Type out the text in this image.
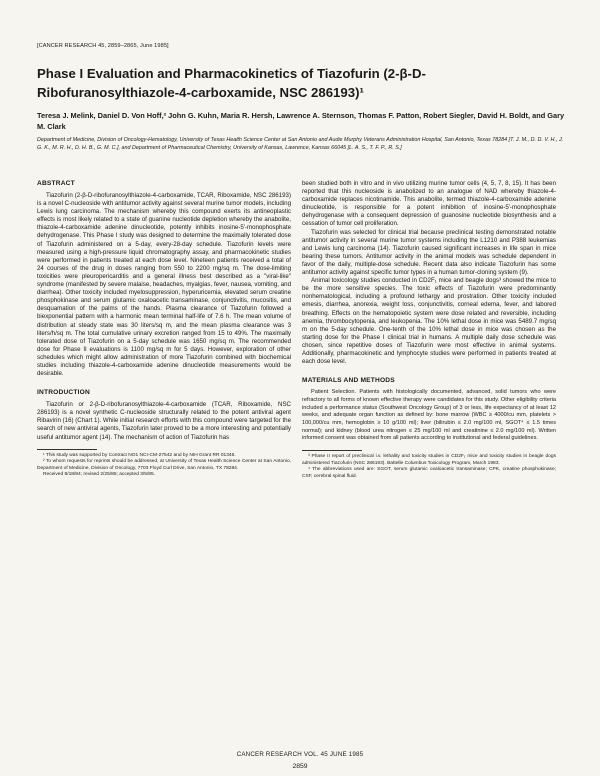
[CANCER RESEARCH 45, 2859–2865, June 1985]
Phase I Evaluation and Pharmacokinetics of Tiazofurin (2-β-D-Ribofuranosylthiazole-4-carboxamide, NSC 286193)¹
Teresa J. Melink, Daniel D. Von Hoff,² John G. Kuhn, Maria R. Hersh, Lawrence A. Sternson, Thomas F. Patton, Robert Siegler, David H. Boldt, and Gary M. Clark
Department of Medicine, Division of Oncology-Hematology, University of Texas Health Science Center at San Antonio and Audie Murphy Veterans Administration Hospital, San Antonio, Texas 78284 [T. J. M., D. D. V. H., J. G. K., M. R. H., D. H. B., G. M. C.], and Department of Pharmaceutical Chemistry, University of Kansas, Lawrence, Kansas 66045 [L. A. S., T. F. P., R. S.]
ABSTRACT

Tiazofurin (2-β-D-ribofuranosylthiazole-4-carboxamide, TCAR, Riboxamide, NSC 286193) is a novel C-nucleoside with antitumor activity against several murine tumor models, including Lewis lung carcinoma. The mechanism whereby this compound exerts its antineoplastic effects is most likely related to a state of guanine nucleotide depletion whereby the anabolite, thiazole-4-carboxamide adenine dinucleotide, potently inhibits inosine-5'-monophosphate dehydrogenase. This Phase I study was designed to determine the maximally tolerated dose of Tiazofurin administered on a 5-day, every-28-day schedule. Tiazofurin levels were measured using a high-pressure liquid chromatography assay, and pharmacokinetic studies were performed in patients treated at each dose level. Nineteen patients received a total of 24 courses of the drug in doses ranging from 550 to 2200 mg/sq m. The dose-limiting toxicities were pleuropericarditis and a general illness best described as a "viral-like" syndrome (manifested by severe malaise, headaches, myalgias, fever, nausea, vomiting, and diarrhea). Other toxicity included myelosuppression, hyperuricemia, elevated serum creatine phosphokinase and serum glutamic oxaloacetic transaminase, conjunctivitis, mucositis, and desquamation of the palms of the hands. Plasma clearance of Tiazofurin followed a biexponential pattern with a harmonic mean terminal half-life of 7.6 h. The mean volume of distribution at steady state was 30 liters/sq m, and the mean plasma clearance was 3 liters/h/sq m. The total cumulative urinary excretion ranged from 15 to 49%. The maximally tolerated dose of Tiazofurin on a 5-day schedule was 1650 mg/sq m. The recommended dose for Phase II evaluations is 1100 mg/sq m for 5 days. However, exploration of other schedules which might allow administration of more Tiazofurin combined with biochemical studies including thiazole-4-carboxamide adenine dinucleotide measurements would be desirable.

INTRODUCTION

Tiazofurin or 2-β-D-ribofuranosylthiazole-4-carboxamide (TCAR, Riboxamide, NSC 286193) is a novel synthetic C-nucleoside structurally related to the potent antiviral agent Ribavirin (16) (Chart 1). While initial research efforts with this compound were targeted for the search of new antiviral agents, Tiazofurin later proved to be a more interesting and potentially useful antitumor agent (14). The mechanism of action of Tiazofurin has

¹ This study was supported by Contract NO1 NCI-CM-27542 and by NIH Grant RR 01346.

² To whom requests for reprints should be addressed, at University of Texas Health Science Center at San Antonio, Department of Medicine, Division of Oncology, 7703 Floyd Curl Drive, San Antonio, TX 78284.

Received 8/18/84; revised 2/25/85; accepted 3/5/85.

been studied both in vitro and in vivo utilizing murine tumor cells (4, 5, 7, 8, 15). It has been reported that this nucleoside is anabolized to an analogue of NAD whereby thiazole-4-carboxamide replaces nicotinamide. This anabolite, termed thiazole-4-carboxamide adenine dinucleotide, is responsible for a potent inhibition of inosine-5'-monophosphate dehydrogenase with a consequent depression of guanosine nucleotide biosynthesis and a cessation of tumor cell proliferation.

Tiazofurin was selected for clinical trial because preclinical testing demonstrated notable antitumor activity in several murine tumor systems including the L1210 and P388 leukemias and Lewis lung carcinoma (14). Tiazofurin caused significant increases in life span in mice bearing these tumors. Antitumor activity in the animal models was schedule dependent in favor of the daily, multiple-dose schedule. Recent data also indicate Tiazofurin has some antitumor activity against specific tumor types in a human tumor-cloning system (9).

Animal toxicology studies conducted in CD2F₁ mice and beagle dogs³ showed the mice to be the more sensitive species. The toxic effects of Tiazofurin were predominantly nonhematological, including a profound lethargy and prostration. Other toxicity included emesis, diarrhea, anorexia, weight loss, conjunctivitis, corneal edema, fever, and labored breathing. Effects on the hematopoietic system were dose related and reversible, including anemia, thrombocytopenia, and leukopenia. The 10% lethal dose in mice was 5489.7 mg/sq m on the 5-day schedule. One-tenth of the 10% lethal dose in mice was chosen as the starting dose for the Phase I clinical trial in humans. A multiple daily dose schedule was chosen, since repetitive doses of Tiazofurin were most effective in animal systems. Additionally, pharmacokinetic and lymphocyte studies were performed in patients treated at each dose level.

MATERIALS AND METHODS

Patient Selection. Patients with histologically documented, advanced, solid tumors who were refractory to all forms of known effective therapy were candidates for this study. Other eligibility criteria included a performance status (Southwest Oncology Group) of 3 or less, life expectancy of at least 12 weeks, and adequate organ function as defined by: bone marrow (WBC ≥ 4000/cu mm, platelets > 100,000/cu mm, hemoglobin ≥ 10 g/100 ml); liver (bilirubin ≤ 2.0 mg/100 ml, SGOT⁴ ≤ 1.5 times normal); and kidney (blood urea nitrogen ≤ 25 mg/100 ml and creatinine ≤ 2.0 mg/100 ml). Written informed consent was obtained from all patients according to institutional and federal guidelines.

³ Phase II report of preclinical i.v. lethality and toxicity studies in CD2F₁ mice and toxicity studies in beagle dogs administered Tiazofurin (NSC 286193). Battelle Columbus Toxicology Program, March 1983.

⁴ The abbreviations used are: SGOT, serum glutamic oxaloacetic transaminase; CPK, creatine phosphokinase; CSF, cerebral spinal fluid.

CANCER RESEARCH VOL. 45 JUNE 1985
2859
